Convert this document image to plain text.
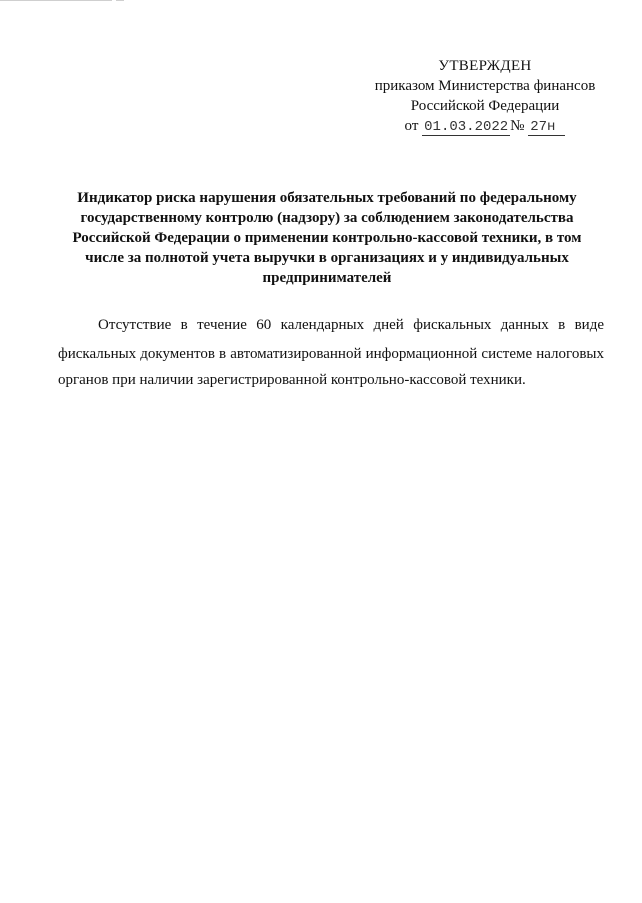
УТВЕРЖДЕН
приказом Министерства финансов
Российской Федерации
от 01.03.2022 № 27н
Индикатор риска нарушения обязательных требований по федеральному
государственному контролю (надзору) за соблюдением законодательства
Российской Федерации о применении контрольно-кассовой техники, в том
числе за полнотой учета выручки в организациях и у индивидуальных
предпринимателей
Отсутствие в течение 60 календарных дней фискальных данных в виде
фискальных документов в автоматизированной информационной системе налоговых
органов при наличии зарегистрированной контрольно-кассовой техники.
